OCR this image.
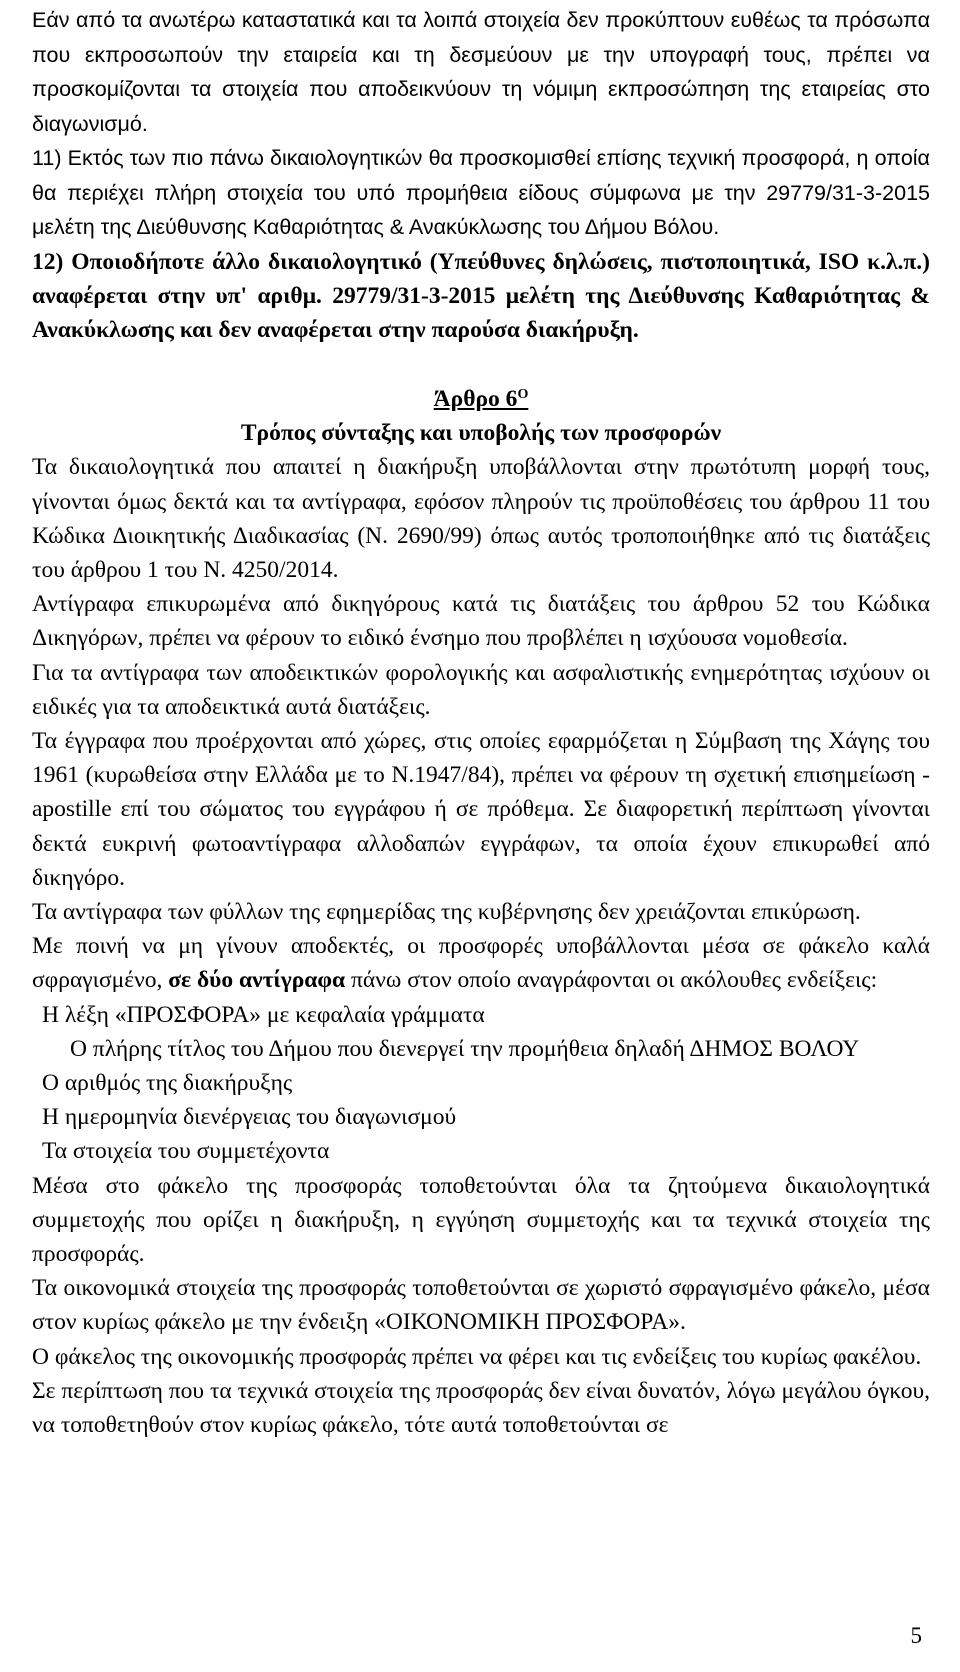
Εάν από τα ανωτέρω καταστατικά και τα λοιπά στοιχεία δεν προκύπτουν ευθέως τα πρόσωπα που εκπροσωπούν την εταιρεία και τη δεσμεύουν με την υπογραφή τους, πρέπει να προσκομίζονται τα στοιχεία που αποδεικνύουν τη νόμιμη εκπροσώπηση της εταιρείας στο διαγωνισμό.

11) Εκτός των πιο πάνω δικαιολογητικών θα προσκομισθεί επίσης τεχνική προσφορά, η οποία θα περιέχει πλήρη στοιχεία του υπό προμήθεια είδους σύμφωνα με την 29779/31-3-2015 μελέτη της Διεύθυνσης Καθαριότητας & Ανακύκλωσης του Δήμου Βόλου.

12) Οποιοδήποτε άλλο δικαιολογητικό (Υπεύθυνες δηλώσεις, πιστοποιητικά, ISO κ.λ.π.) αναφέρεται στην υπ' αριθμ. 29779/31-3-2015 μελέτη της Διεύθυνσης Καθαριότητας & Ανακύκλωσης και δεν αναφέρεται στην παρούσα διακήρυξη.

Άρθρο $6^O$

Τρόπος σύνταξης και υποβολής των προσφορών

Τα δικαιολογητικά που απαιτεί η διακήρυξη υποβάλλονται στην πρωτότυπη μορφή τους, γίνονται όμως δεκτά και τα αντίγραφα, εφόσον πληρούν τις προϋποθέσεις του άρθρου 11 του Κώδικα Διοικητικής Διαδικασίας (Ν. 2690/99) όπως αυτός τροποποιήθηκε από τις διατάξεις του άρθρου 1 του Ν. 4250/2014.

Αντίγραφα επικυρωμένα από δικηγόρους κατά τις διατάξεις του άρθρου 52 του Κώδικα Δικηγόρων, πρέπει να φέρουν το ειδικό ένσημο που προβλέπει η ισχύουσα νομοθεσία.

Για τα αντίγραφα των αποδεικτικών φορολογικής και ασφαλιστικής ενημερότητας ισχύουν οι ειδικές για τα αποδεικτικά αυτά διατάξεις.

Τα έγγραφα που προέρχονται από χώρες, στις οποίες εφαρμόζεται η Σύμβαση της Χάγης του 1961 (κυρωθείσα στην Ελλάδα με το Ν.1947/84), πρέπει να φέρουν τη σχετική επισημείωση -apostille επί του σώματος του εγγράφου ή σε πρόθεμα. Σε διαφορετική περίπτωση γίνονται δεκτά ευκρινή φωτοαντίγραφα αλλοδαπών εγγράφων, τα οποία έχουν επικυρωθεί από δικηγόρο.

Τα αντίγραφα των φύλλων της εφημερίδας της κυβέρνησης δεν χρειάζονται επικύρωση.

Με ποινή να μη γίνουν αποδεκτές, οι προσφορές υποβάλλονται μέσα σε φάκελο καλά σφραγισμένο, σε δύο αντίγραφα πάνω στον οποίο αναγράφονται οι ακόλουθες ενδείξεις:

Η λέξη «ΠΡΟΣΦΟΡΑ» με κεφαλαία γράμματα

Ο πλήρης τίτλος του Δήμου που διενεργεί την προμήθεια δηλαδή ΔΗΜΟΣ ΒΟΛΟΥ

Ο αριθμός της διακήρυξης

Η ημερομηνία διενέργειας του διαγωνισμού

Τα στοιχεία του συμμετέχοντα

Μέσα στο φάκελο της προσφοράς τοποθετούνται όλα τα ζητούμενα δικαιολογητικά συμμετοχής που ορίζει η διακήρυξη, η εγγύηση συμμετοχής και τα τεχνικά στοιχεία της προσφοράς.

Τα οικονομικά στοιχεία της προσφοράς τοποθετούνται σε χωριστό σφραγισμένο φάκελο, μέσα στον κυρίως φάκελο με την ένδειξη «ΟΙΚΟΝΟΜΙΚΗ ΠΡΟΣΦΟΡΑ».

Ο φάκελος της οικονομικής προσφοράς πρέπει να φέρει και τις ενδείξεις του κυρίως φακέλου.

Σε περίπτωση που τα τεχνικά στοιχεία της προσφοράς δεν είναι δυνατόν, λόγω μεγάλου όγκου, να τοποθετηθούν στον κυρίως φάκελο, τότε αυτά τοποθετούνται σε

5
